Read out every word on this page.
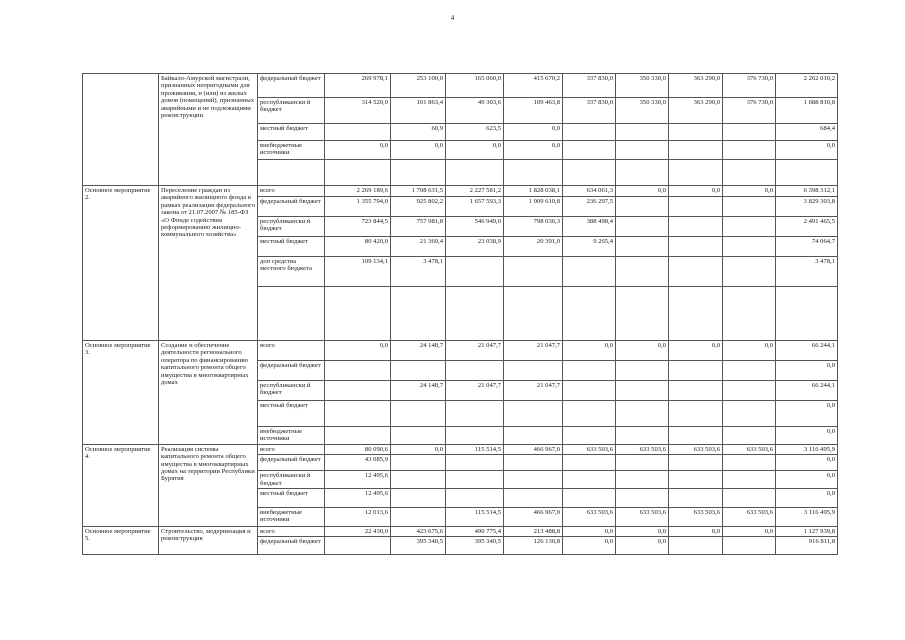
4
	Байкало-Амурской магистрали, признанных непригодными для проживания, и (или) из жилых домов (помещений), признанных аварийными и не подлежащими реконструкции	федеральный бюджет	269 978,1	253 100,0	165 060,0	415 670,2	337 830,0	350 330,0	363 290,0	376 730,0	2 262 010,2
		республикански й бюджет	314 520,0	101 863,4	49 303,6	109 463,8	337 830,0	350 330,0	363 290,0	376 730,0	1 688 810,8
		местный бюджет		60,9	623,5	0,0					684,4
		внебюджетные источники	0,0	0,0	0,0	0,0					0,0

Основное мероприятие 2.	Переселение граждан из аварийного жилищного фонда в рамках реализации федерального закона от 21.07.2007 № 185-ФЗ «О Фонде содействия реформированию жилищно-коммунального хозяйства»	всего	2 269 189,6	1 708 631,5	2 227 581,2	1 828 038,1	634 061,3	0,0	0,0	0,0	6 398 312,1
		федеральный бюджет	1 355 794,0	925 802,2	1 657 593,3	1 009 610,8	236 297,5				3 829 303,8
		республикански й бюджет	723 844,5	757 981,8	546 949,0	798 036,3	388 498,4				2 491 465,5
		местный бюджет	80 420,0	21 369,4	23 038,9	20 391,0	9 265,4				74 064,7
		доп средства местного бюджета	109 134,1	3 478,1							3 478,1

Основное мероприятие 3.	Создание и обеспечение деятельности регионального оператора по финансированию капитального ремонта общего имущества в многоквартирных домах	всего	0,0	24 148,7	21 047,7	21 047,7	0,0	0,0	0,0	0,0	66 244,1
		федеральный бюджет									0,0
		республикански й бюджет		24 148,7	21 047,7	21 047,7					66 244,1
		местный бюджет									0,0
		внебюджетные источники									0,0
Основное мероприятие 4.	Реализация системы капитального ремонта общего имущества в многоквартирных домах на территории Республики Бурятия	всего	80 090,6	0,0	115 514,5	466 967,0	633 503,6	633 503,6	633 503,6	633 503,6	3 116 495,9
		федеральный бюджет	43 085,9								0,0
		республикански й бюджет	12 495,6								0,0
		местный бюджет	12 495,6								0,0
		внебюджетные источники	12 013,6		115 514,5	466 967,0	633 503,6	633 503,6	633 503,6	633 503,6	3 116 495,9
Основное мероприятие 5.	Строительство, модернизация и реконструкция	всего	22 430,0	423 675,6	490 775,4	213 488,8	0,0	0,0	0,0	0,0	1 127 939,8
		федеральный бюджет		395 340,5	395 340,5	126 130,8	0,0	0,0			916 811,8
